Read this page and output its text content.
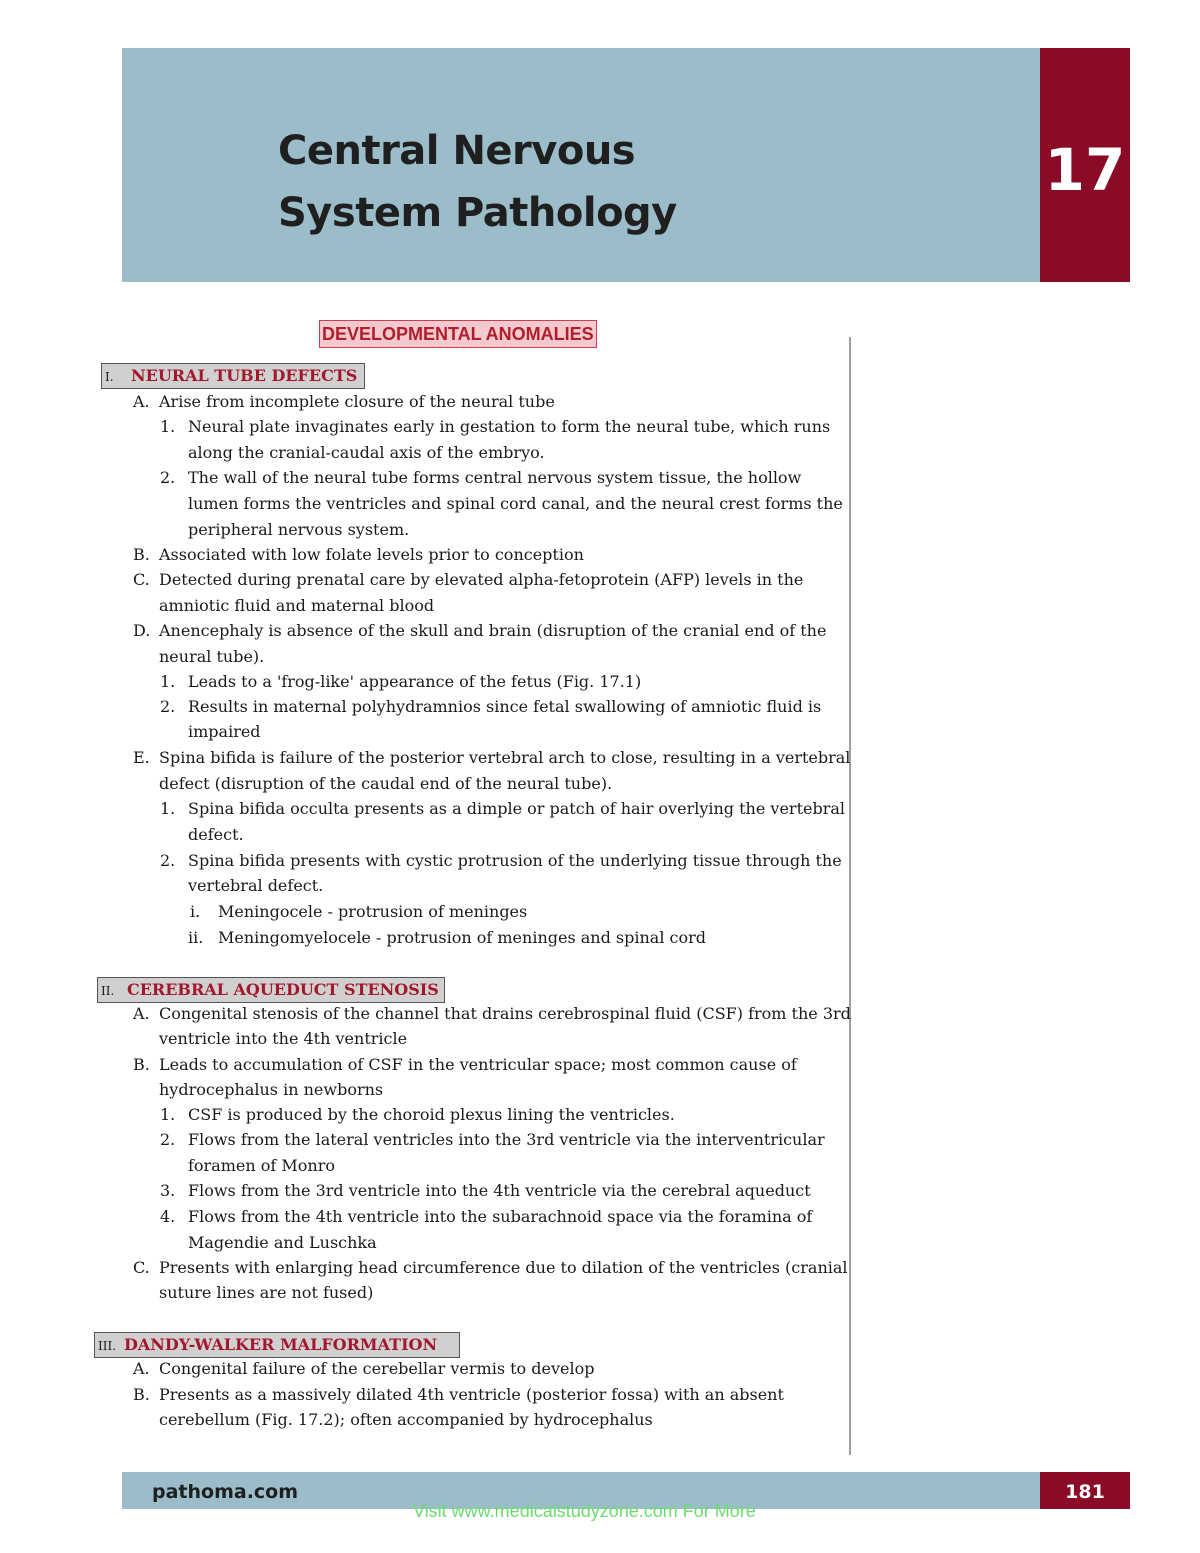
Central Nervous
System Pathology
17
DEVELOPMENTAL ANOMALIES
I. NEURAL TUBE DEFECTS
A. Arise from incomplete closure of the neural tube
1. Neural plate invaginates early in gestation to form the neural tube, which runs
along the cranial-caudal axis of the embryo.
2. The wall of the neural tube forms central nervous system tissue, the hollow
lumen forms the ventricles and spinal cord canal, and the neural crest forms the
peripheral nervous system.
B. Associated with low folate levels prior to conception
C. Detected during prenatal care by elevated alpha-fetoprotein (AFP) levels in the
amniotic fluid and maternal blood
D. Anencephaly is absence of the skull and brain (disruption of the cranial end of the
neural tube).
1. Leads to a 'frog-like' appearance of the fetus (Fig. 17.1)
2. Results in maternal polyhydramnios since fetal swallowing of amniotic fluid is
impaired
E. Spina bifida is failure of the posterior vertebral arch to close, resulting in a vertebral
defect (disruption of the caudal end of the neural tube).
1. Spina bifida occulta presents as a dimple or patch of hair overlying the vertebral
defect.
2. Spina bifida presents with cystic protrusion of the underlying tissue through the
vertebral defect.
i. Meningocele - protrusion of meninges
ii. Meningomyelocele - protrusion of meninges and spinal cord
II. CEREBRAL AQUEDUCT STENOSIS
A. Congenital stenosis of the channel that drains cerebrospinal fluid (CSF) from the 3rd
ventricle into the 4th ventricle
B. Leads to accumulation of CSF in the ventricular space; most common cause of
hydrocephalus in newborns
1. CSF is produced by the choroid plexus lining the ventricles.
2. Flows from the lateral ventricles into the 3rd ventricle via the interventricular
foramen of Monro
3. Flows from the 3rd ventricle into the 4th ventricle via the cerebral aqueduct
4. Flows from the 4th ventricle into the subarachnoid space via the foramina of
Magendie and Luschka
C. Presents with enlarging head circumference due to dilation of the ventricles (cranial
suture lines are not fused)
III. DANDY-WALKER MALFORMATION
A. Congenital failure of the cerebellar vermis to develop
B. Presents as a massively dilated 4th ventricle (posterior fossa) with an absent
cerebellum (Fig. 17.2); often accompanied by hydrocephalus
pathoma.com	181
Visit www.medicalstudyzone.com For More
